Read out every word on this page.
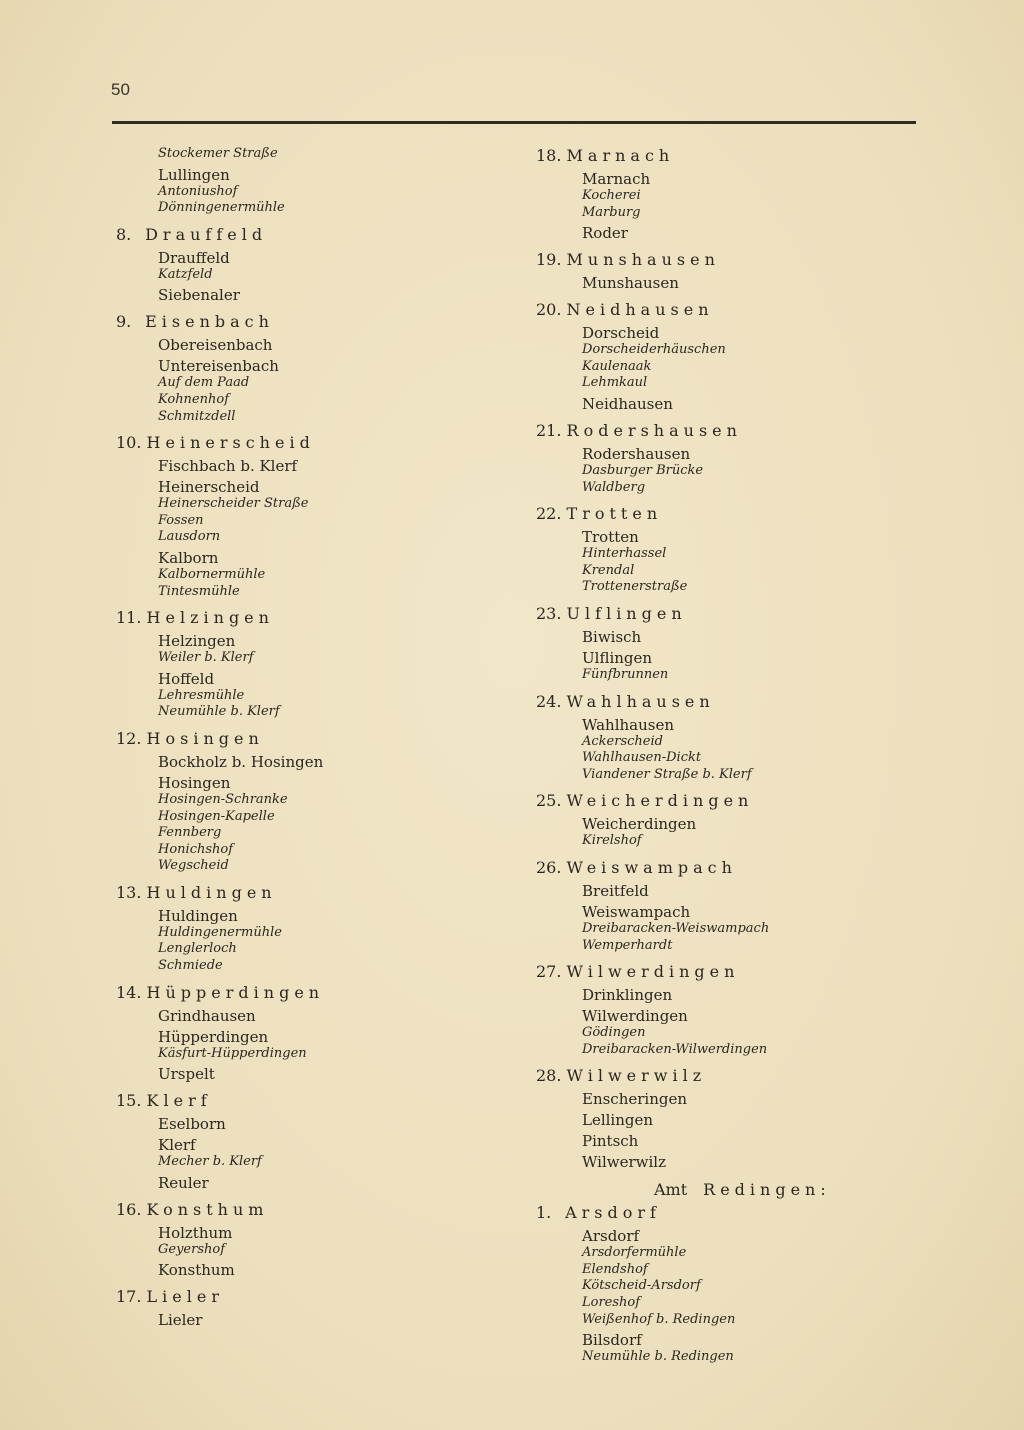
50
Stockemer Straße
Lullingen
Antoniushof
Dönningenermühle
8. Drauffeld
Drauffeld
Katzfeld
Siebenaler
9. Eisenbach
Obereisenbach
Untereisenbach
Auf dem Paad
Kohnenhof
Schmitzdell
10. Heinerscheid
Fischbach b. Klerf
Heinerscheid
Heinerscheider Straße
Fossen
Lausdorn
Kalborn
Kalbornermühle
Tintesmühle
11. Helzingen
Helzingen
Weiler b. Klerf
Hoffeld
Lehresmühle
Neumühle b. Klerf
12. Hosingen
Bockholz b. Hosingen
Hosingen
Hosingen-Schranke
Hosingen-Kapelle
Fennberg
Honichshof
Wegscheid
13. Huldingen
Huldingen
Huldingenermühle
Lenglerloch
Schmiede
14. Hüpperdingen
Grindhausen
Hüpperdingen
Käsfurt-Hüpperdingen
Urspelt
15. Klerf
Eselborn
Klerf
Mecher b. Klerf
Reuler
16. Konsthum
Holzthum
Geyershof
Konsthum
17. Lieler
Lieler
18. Marnach
Marnach
Kocherei
Marburg
Roder
19. Munshausen
Munshausen
20. Neidhausen
Dorscheid
Dorscheiderhäuschen
Kaulenaak
Lehmkaul
Neidhausen
21. Rodershausen
Rodershausen
Dasburger Brücke
Waldberg
22. Trotten
Trotten
Hinterhassel
Krendal
Trottenerstraße
23. Ulflingen
Biwisch
Ulflingen
Fünfbrunnen
24. Wahlhausen
Wahlhausen
Ackerscheid
Wahlhausen-Dickt
Viandener Straße b. Klerf
25. Weicherdingen
Weicherdingen
Kirelshof
26. Weiswampach
Breitfeld
Weiswampach
Dreibaracken-Weiswampach
Wemperhardt
27. Wilwerdingen
Drinklingen
Wilwerdingen
Gödingen
Dreibaracken-Wilwerdingen
28. Wilwerwilz
Enscheringen
Lellingen
Pintsch
Wilwerwilz
Amt  Redingen:
1. Arsdorf
Arsdorf
Arsdorfermühle
Elendshof
Kötscheid-Arsdorf
Loreshof
Weißenhof b. Redingen
Bilsdorf
Neumühle b. Redingen
